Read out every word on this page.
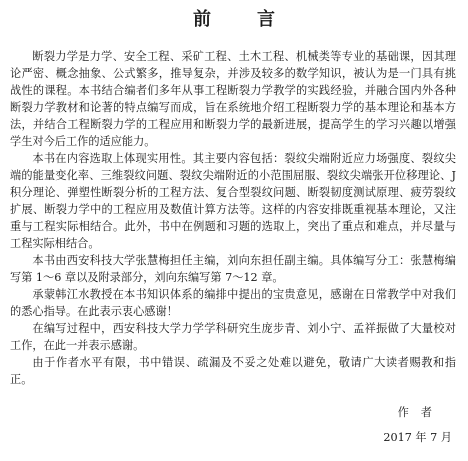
前　言

断裂力学是力学、安全工程、采矿工程、土木工程、机械类等专业的基础课，因其理论严密、概念抽象、公式繁多，推导复杂，并涉及较多的数学知识，被认为是一门具有挑战性的课程。本书结合编者们多年从事工程断裂力学教学的实践经验，并融合国内外各种断裂力学教材和论著的特点编写而成，旨在系统地介绍工程断裂力学的基本理论和基本方法，并结合工程断裂力学的工程应用和断裂力学的最新进展，提高学生的学习兴趣以增强学生对今后工作的适应能力。

本书在内容选取上体现实用性。其主要内容包括：裂纹尖端附近应力场强度、裂纹尖端的能量变化率、三维裂纹问题、裂纹尖端附近的小范围屈服、裂纹尖端张开位移理论、J 积分理论、弹塑性断裂分析的工程方法、复合型裂纹问题、断裂韧度测试原理、疲劳裂纹扩展、断裂力学中的工程应用及数值计算方法等。这样的内容安排既重视基本理论，又注重与工程实际相结合。此外，书中在例题和习题的选取上，突出了重点和难点，并尽量与工程实际相结合。

本书由西安科技大学张慧梅担任主编，刘向东担任副主编。具体编写分工：张慧梅编写第 1～6 章以及附录部分，刘向东编写第 7～12 章。

承蒙韩江水教授在本书知识体系的编排中提出的宝贵意见，感谢在日常教学中对我们的悉心指导。在此表示衷心感谢！

在编写过程中，西安科技大学力学学科研究生庞步青、刘小宁、孟祥振做了大量校对工作，在此一并表示感谢。

由于作者水平有限，书中错误、疏漏及不妥之处难以避免，敬请广大读者赐教和指正。

作者
2017 年 7 月
